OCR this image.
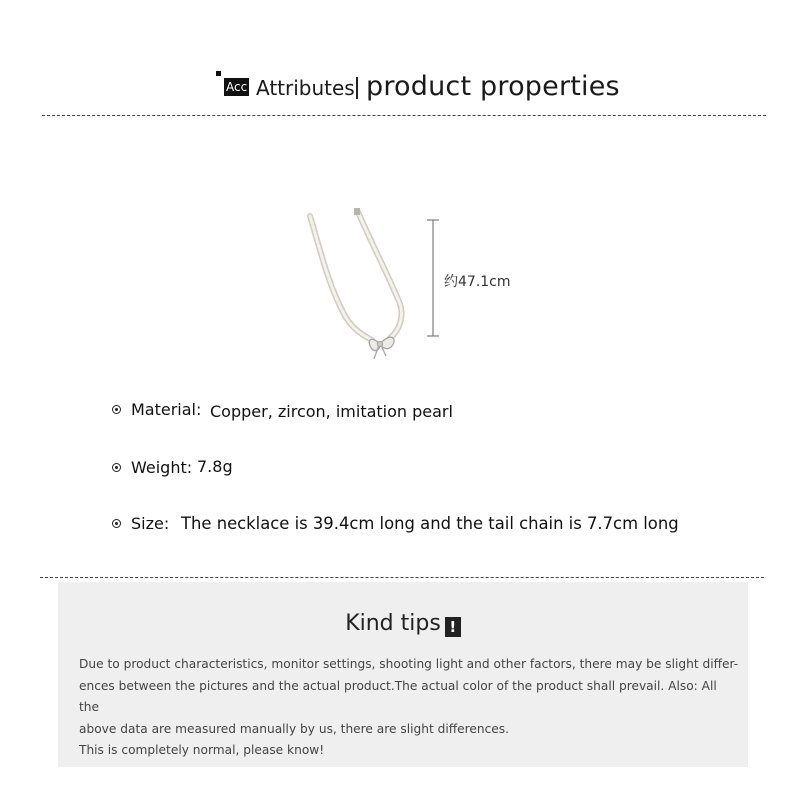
Acc Attributes product properties
约47.1cm
Material: Copper, zircon, imitation pearl
Weight: 7.8g
Size: The necklace is 39.4cm long and the tail chain is 7.7cm long
Kind tips !
Due to product characteristics, monitor settings, shooting light and other factors, there may be slight differ-
ences between the pictures and the actual product.The actual color of the product shall prevail. Also: All the
above data are measured manually by us, there are slight differences.
This is completely normal, please know!
